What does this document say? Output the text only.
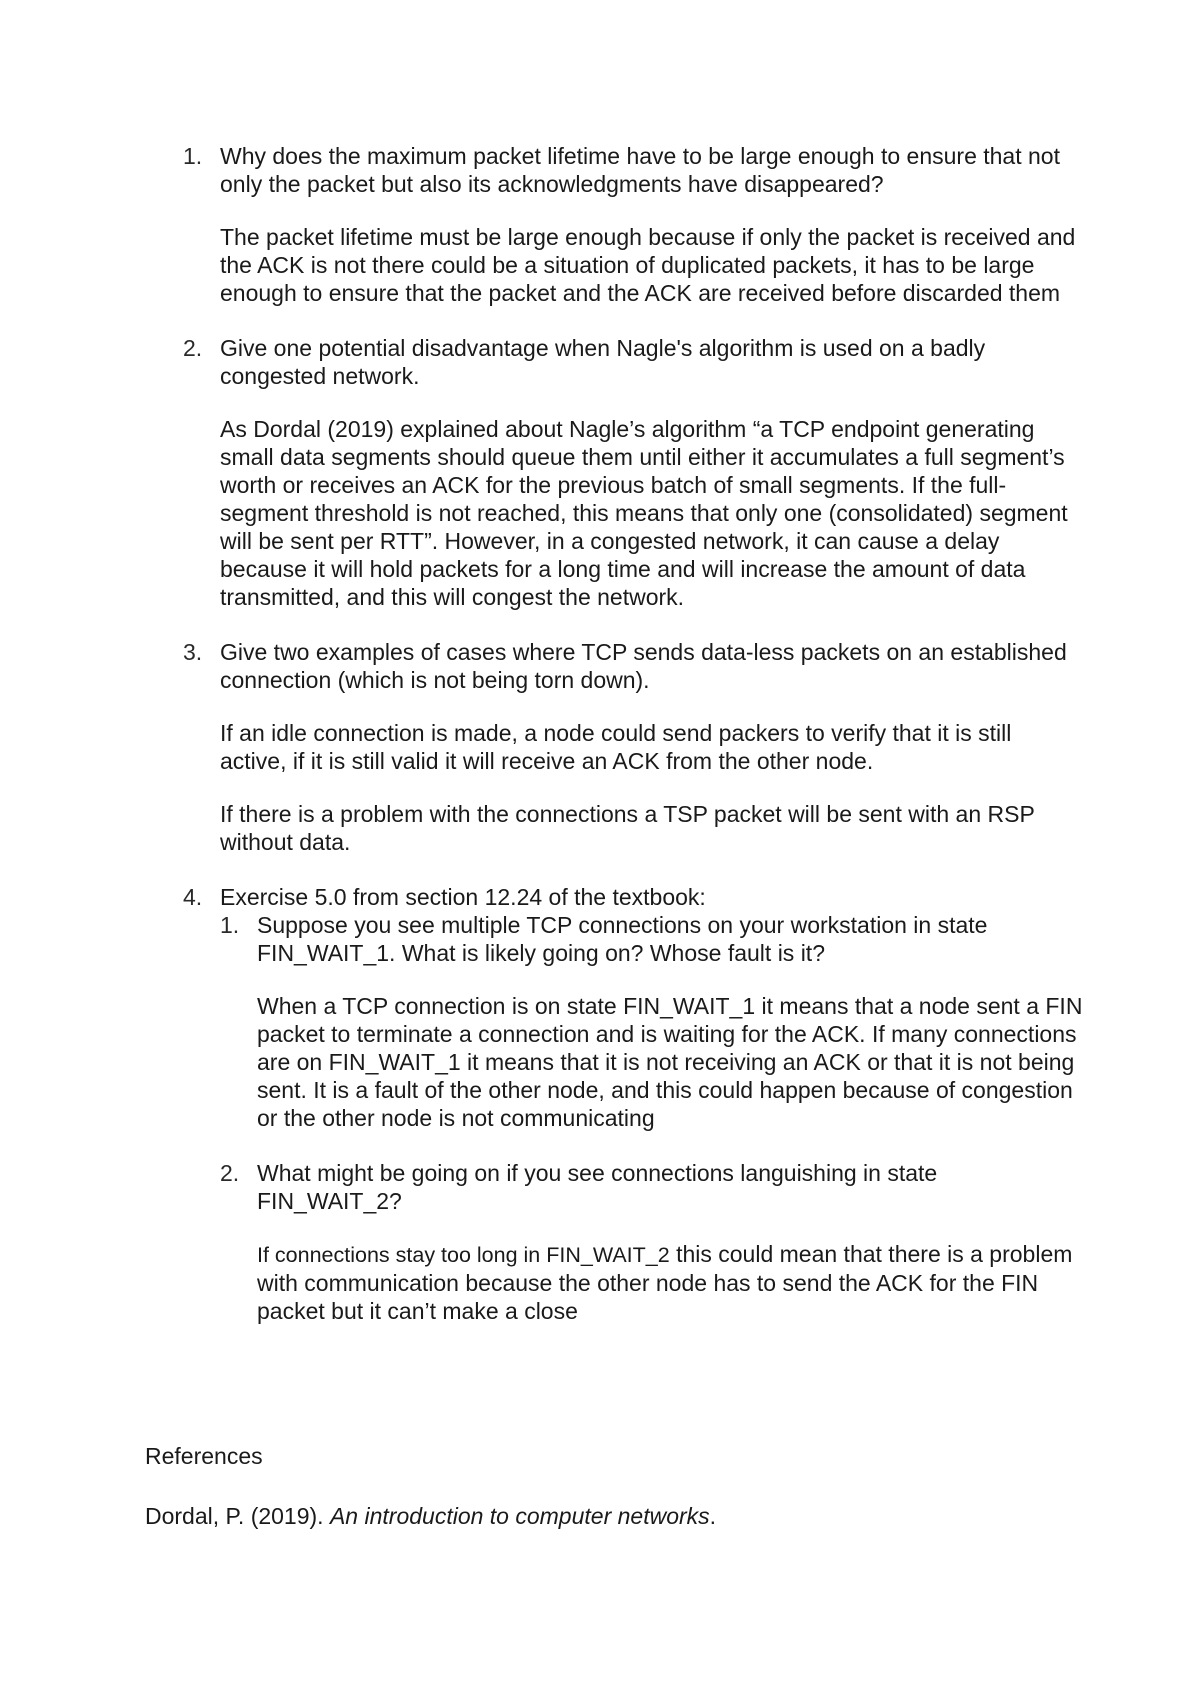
1. Why does the maximum packet lifetime have to be large enough to ensure that not only the packet but also its acknowledgments have disappeared?

The packet lifetime must be large enough because if only the packet is received and the ACK is not there could be a situation of duplicated packets, it has to be large enough to ensure that the packet and the ACK are received before discarded them

2. Give one potential disadvantage when Nagle's algorithm is used on a badly congested network.

As Dordal (2019) explained about Nagle’s algorithm “a TCP endpoint generating small data segments should queue them until either it accumulates a full segment’s worth or receives an ACK for the previous batch of small segments. If the full-segment threshold is not reached, this means that only one (consolidated) segment will be sent per RTT”. However, in a congested network, it can cause a delay because it will hold packets for a long time and will increase the amount of data transmitted, and this will congest the network.

3. Give two examples of cases where TCP sends data-less packets on an established connection (which is not being torn down).

If an idle connection is made, a node could send packers to verify that it is still active, if it is still valid it will receive an ACK from the other node.

If there is a problem with the connections a TSP packet will be sent with an RSP without data.

4. Exercise 5.0 from section 12.24 of the textbook:

1. Suppose you see multiple TCP connections on your workstation in state FIN_WAIT_1. What is likely going on? Whose fault is it?

When a TCP connection is on state FIN_WAIT_1 it means that a node sent a FIN packet to terminate a connection and is waiting for the ACK. If many connections are on FIN_WAIT_1 it means that it is not receiving an ACK or that it is not being sent. It is a fault of the other node, and this could happen because of congestion or the other node is not communicating

2. What might be going on if you see connections languishing in state FIN_WAIT_2?

If connections stay too long in FIN_WAIT_2 this could mean that there is a problem with communication because the other node has to send the ACK for the FIN packet but it can’t make a close

References

Dordal, P. (2019). An introduction to computer networks.
